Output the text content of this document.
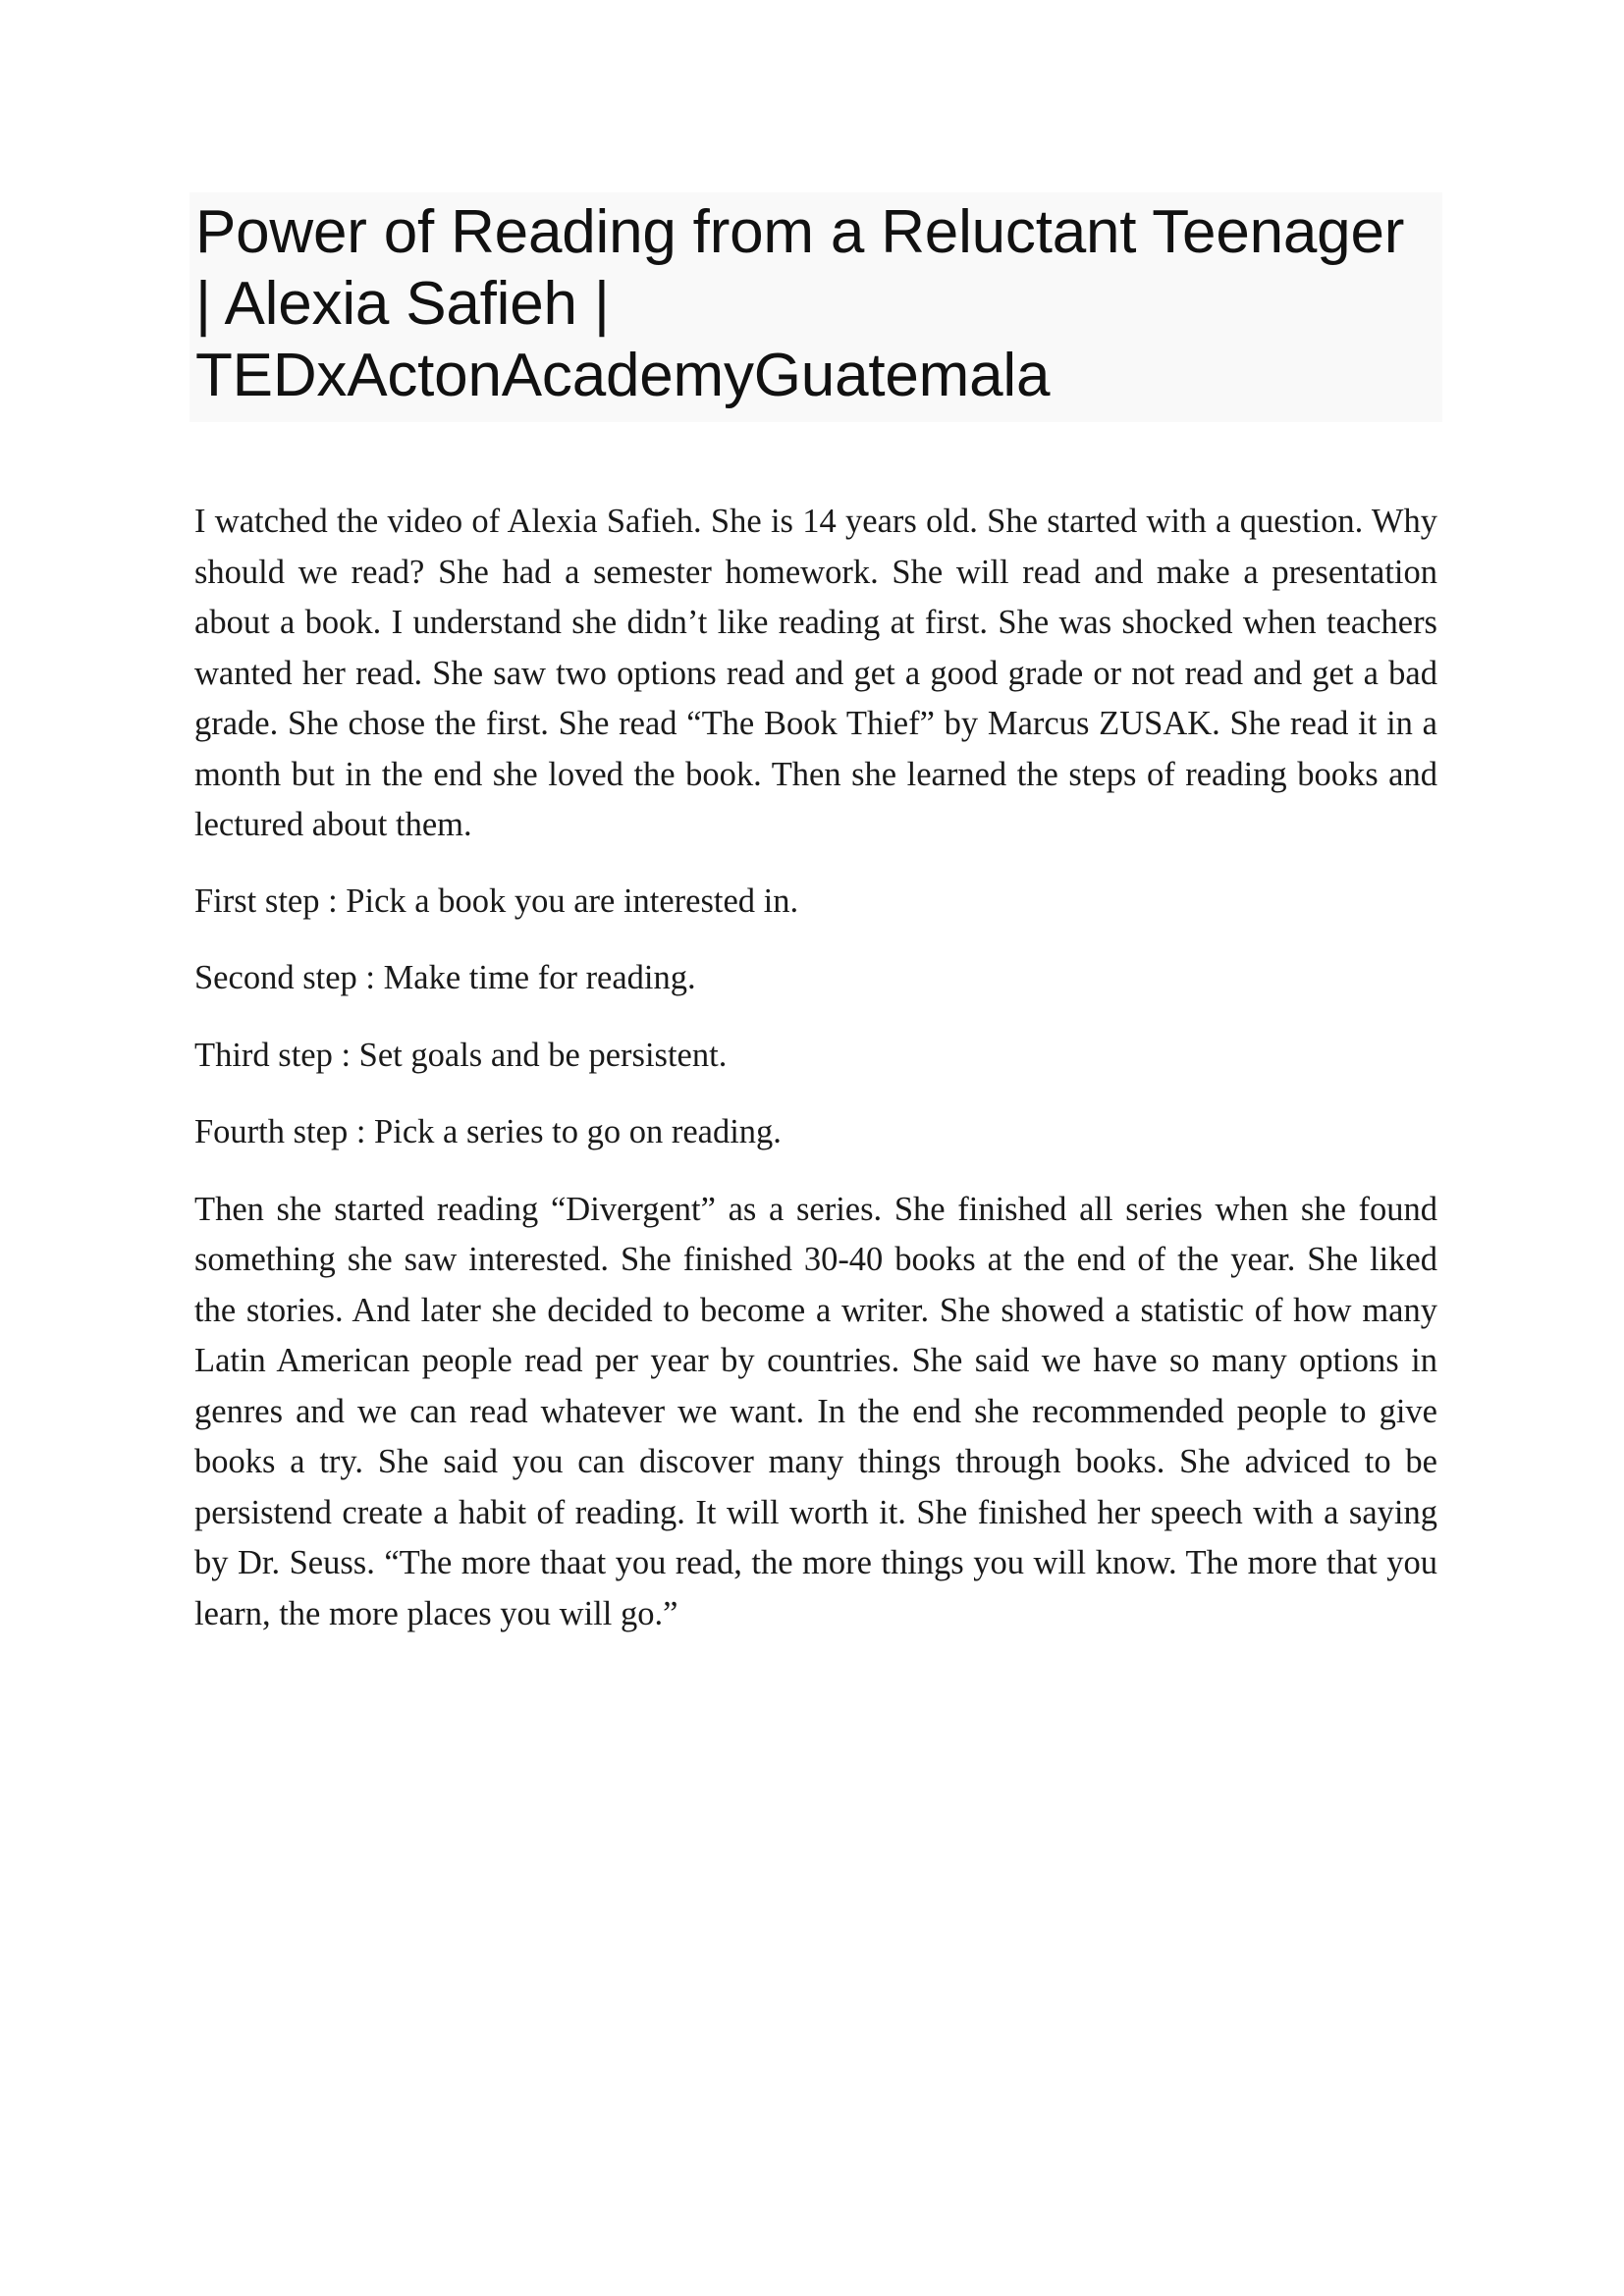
Power of Reading from a Reluctant Teenager | Alexia Safieh | TEDxActonAcademyGuatemala

I watched the video of Alexia Safieh. She is 14 years old. She started with a question. Why should we read? She had a semester homework. She will read and make a presentation about a book. I understand she didn’t like reading at first. She was shocked when teachers wanted her read. She saw two options read and get a good grade or not read and get a bad grade. She chose the first. She read “The Book Thief” by Marcus ZUSAK. She read it in a month but in the end she loved the book. Then she learned the steps of reading books and lectured about them.

First step : Pick a book you are interested in.

Second step : Make time for reading.

Third step : Set goals and be persistent.

Fourth step : Pick a series to go on reading.

Then she started reading “Divergent” as a series. She finished all series when she found something she saw interested. She finished 30-40 books at the end of the year. She liked the stories. And later she decided to become a writer. She showed a statistic of how many Latin American people read per year by countries. She said we have so many options in genres and we can read whatever we want. In the end she recommended people to give books a try. She said you can discover many things through books. She adviced to be persistend create a habit of reading. It will worth it. She finished her speech with a saying by Dr. Seuss. “The more thaat you read, the more things you will know. The more that you learn, the more places you will go.”
